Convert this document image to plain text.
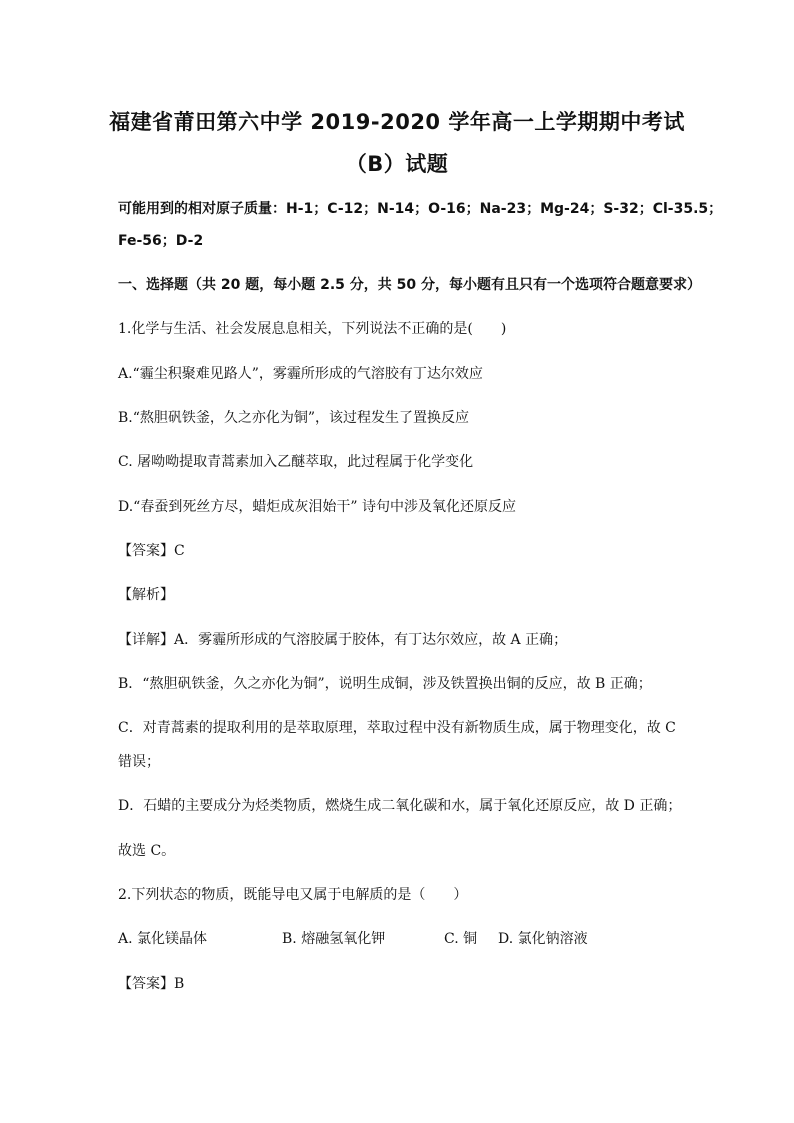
福建省莆田第六中学 2019-2020 学年高一上学期期中考试
（B）试题
可能用到的相对原子质量：H-1；C-12；N-14；O-16；Na-23；Mg-24；S-32；Cl-35.5；
Fe-56；D-2
一、选择题（共 20 题，每小题 2.5 分，共 50 分，每小题有且只有一个选项符合题意要求）
1.化学与生活、社会发展息息相关，下列说法不正确的是(　　)
A.“霾尘积聚难见路人”，雾霾所形成的气溶胶有丁达尔效应
B.“熬胆矾铁釜，久之亦化为铜”，该过程发生了置换反应
C. 屠呦呦提取青蒿素加入乙醚萃取，此过程属于化学变化
D.“春蚕到死丝方尽，蜡炬成灰泪始干” 诗句中涉及氧化还原反应
【答案】C
【解析】
【详解】A．雾霾所形成的气溶胶属于胶体，有丁达尔效应，故 A 正确；
B．“熬胆矾铁釜，久之亦化为铜”，说明生成铜，涉及铁置换出铜的反应，故 B 正确；
C．对青蒿素的提取利用的是萃取原理，萃取过程中没有新物质生成，属于物理变化，故 C
错误；
D．石蜡的主要成分为烃类物质，燃烧生成二氧化碳和水，属于氧化还原反应，故 D 正确；
故选 C。
2.下列状态的物质，既能导电又属于电解质的是（　　）
A. 氯化镁晶体	B. 熔融氢氧化钾	C. 铜 D. 氯化钠溶液
【答案】B
